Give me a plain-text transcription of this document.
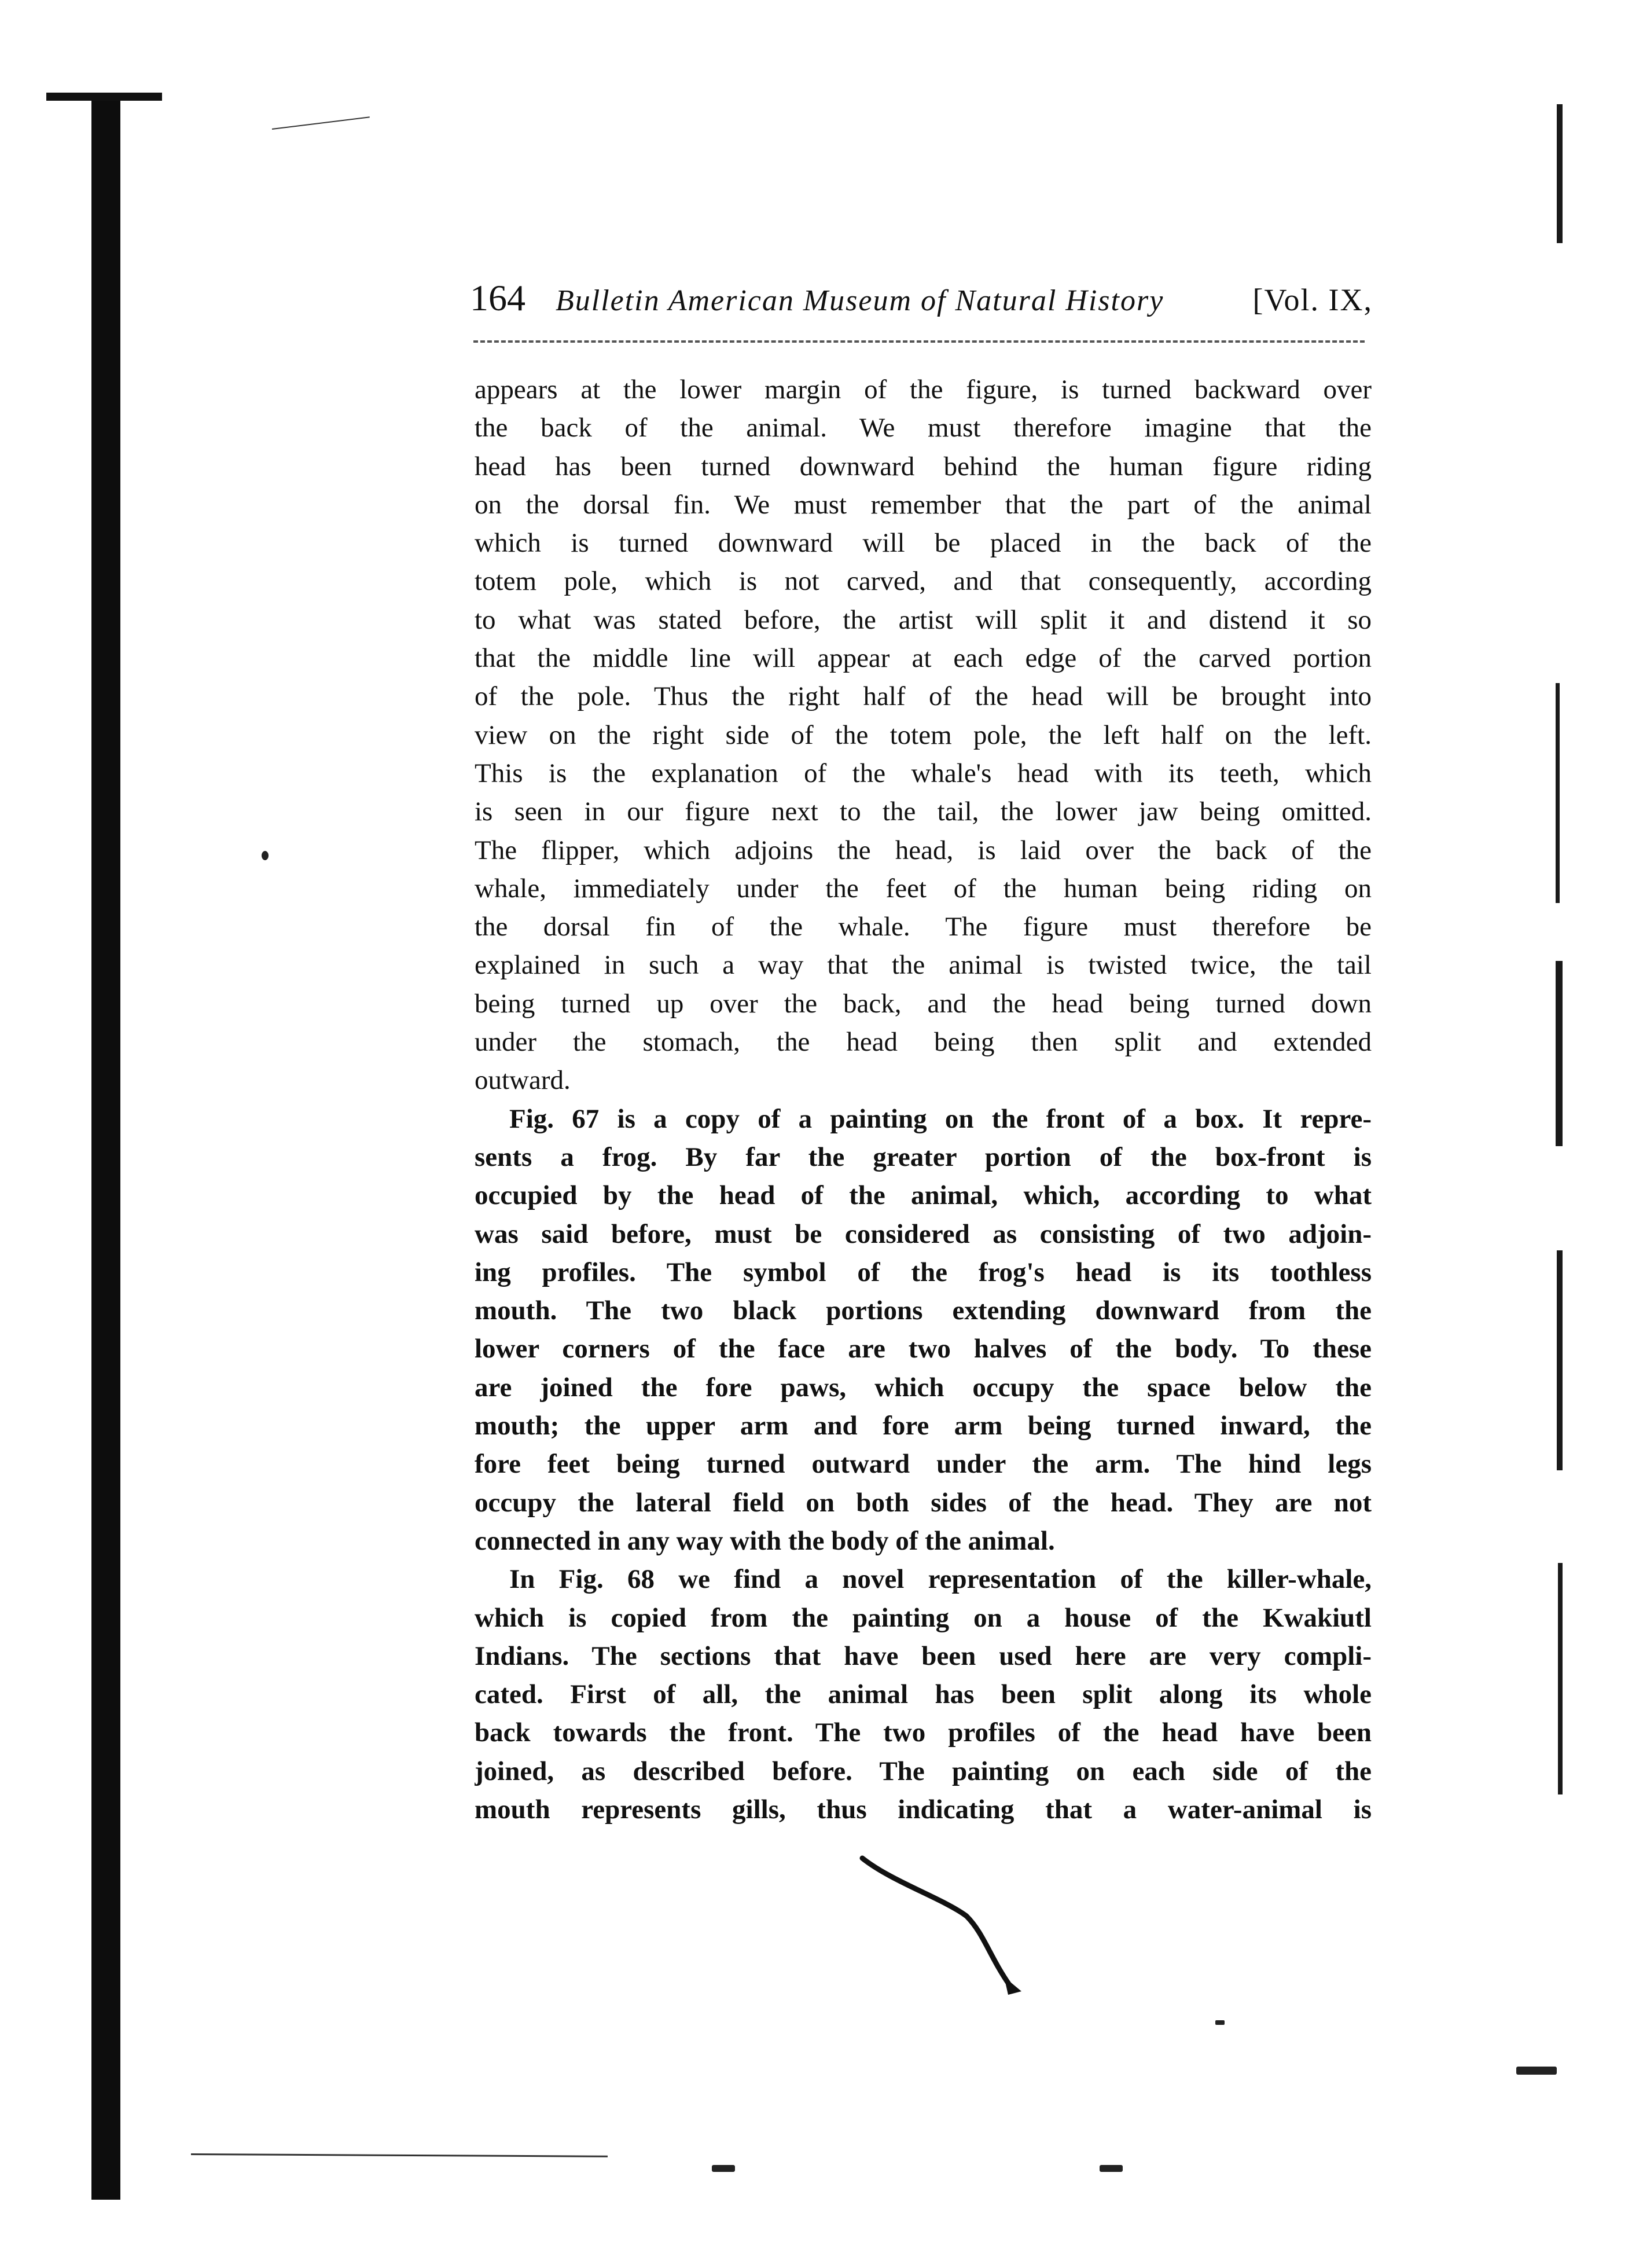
164 Bulletin American Museum of Natural History	[Vol. IX,
appears at the lower margin of the figure, is turned backward over
the back of the animal. We must therefore imagine that the
head has been turned downward behind the human figure riding
on the dorsal fin. We must remember that the part of the animal
which is turned downward will be placed in the back of the
totem pole, which is not carved, and that consequently, according
to what was stated before, the artist will split it and distend it so
that the middle line will appear at each edge of the carved portion
of the pole. Thus the right half of the head will be brought into
view on the right side of the totem pole, the left half on the left.
This is the explanation of the whale's head with its teeth, which
is seen in our figure next to the tail, the lower jaw being omitted.
The flipper, which adjoins the head, is laid over the back of the
whale, immediately under the feet of the human being riding on
the dorsal fin of the whale. The figure must therefore be
explained in such a way that the animal is twisted twice, the tail
being turned up over the back, and the head being turned down
under the stomach, the head being then split and extended
outward.
Fig. 67 is a copy of a painting on the front of a box. It repre-
sents a frog. By far the greater portion of the box-front is
occupied by the head of the animal, which, according to what
was said before, must be considered as consisting of two adjoin-
ing profiles. The symbol of the frog's head is its toothless
mouth. The two black portions extending downward from the
lower corners of the face are two halves of the body. To these
are joined the fore paws, which occupy the space below the
mouth; the upper arm and fore arm being turned inward, the
fore feet being turned outward under the arm. The hind legs
occupy the lateral field on both sides of the head. They are not
connected in any way with the body of the animal.
In Fig. 68 we find a novel representation of the killer-whale,
which is copied from the painting on a house of the Kwakiutl
Indians. The sections that have been used here are very compli-
cated. First of all, the animal has been split along its whole
back towards the front. The two profiles of the head have been
joined, as described before. The painting on each side of the
mouth represents gills, thus indicating that a water-animal is
